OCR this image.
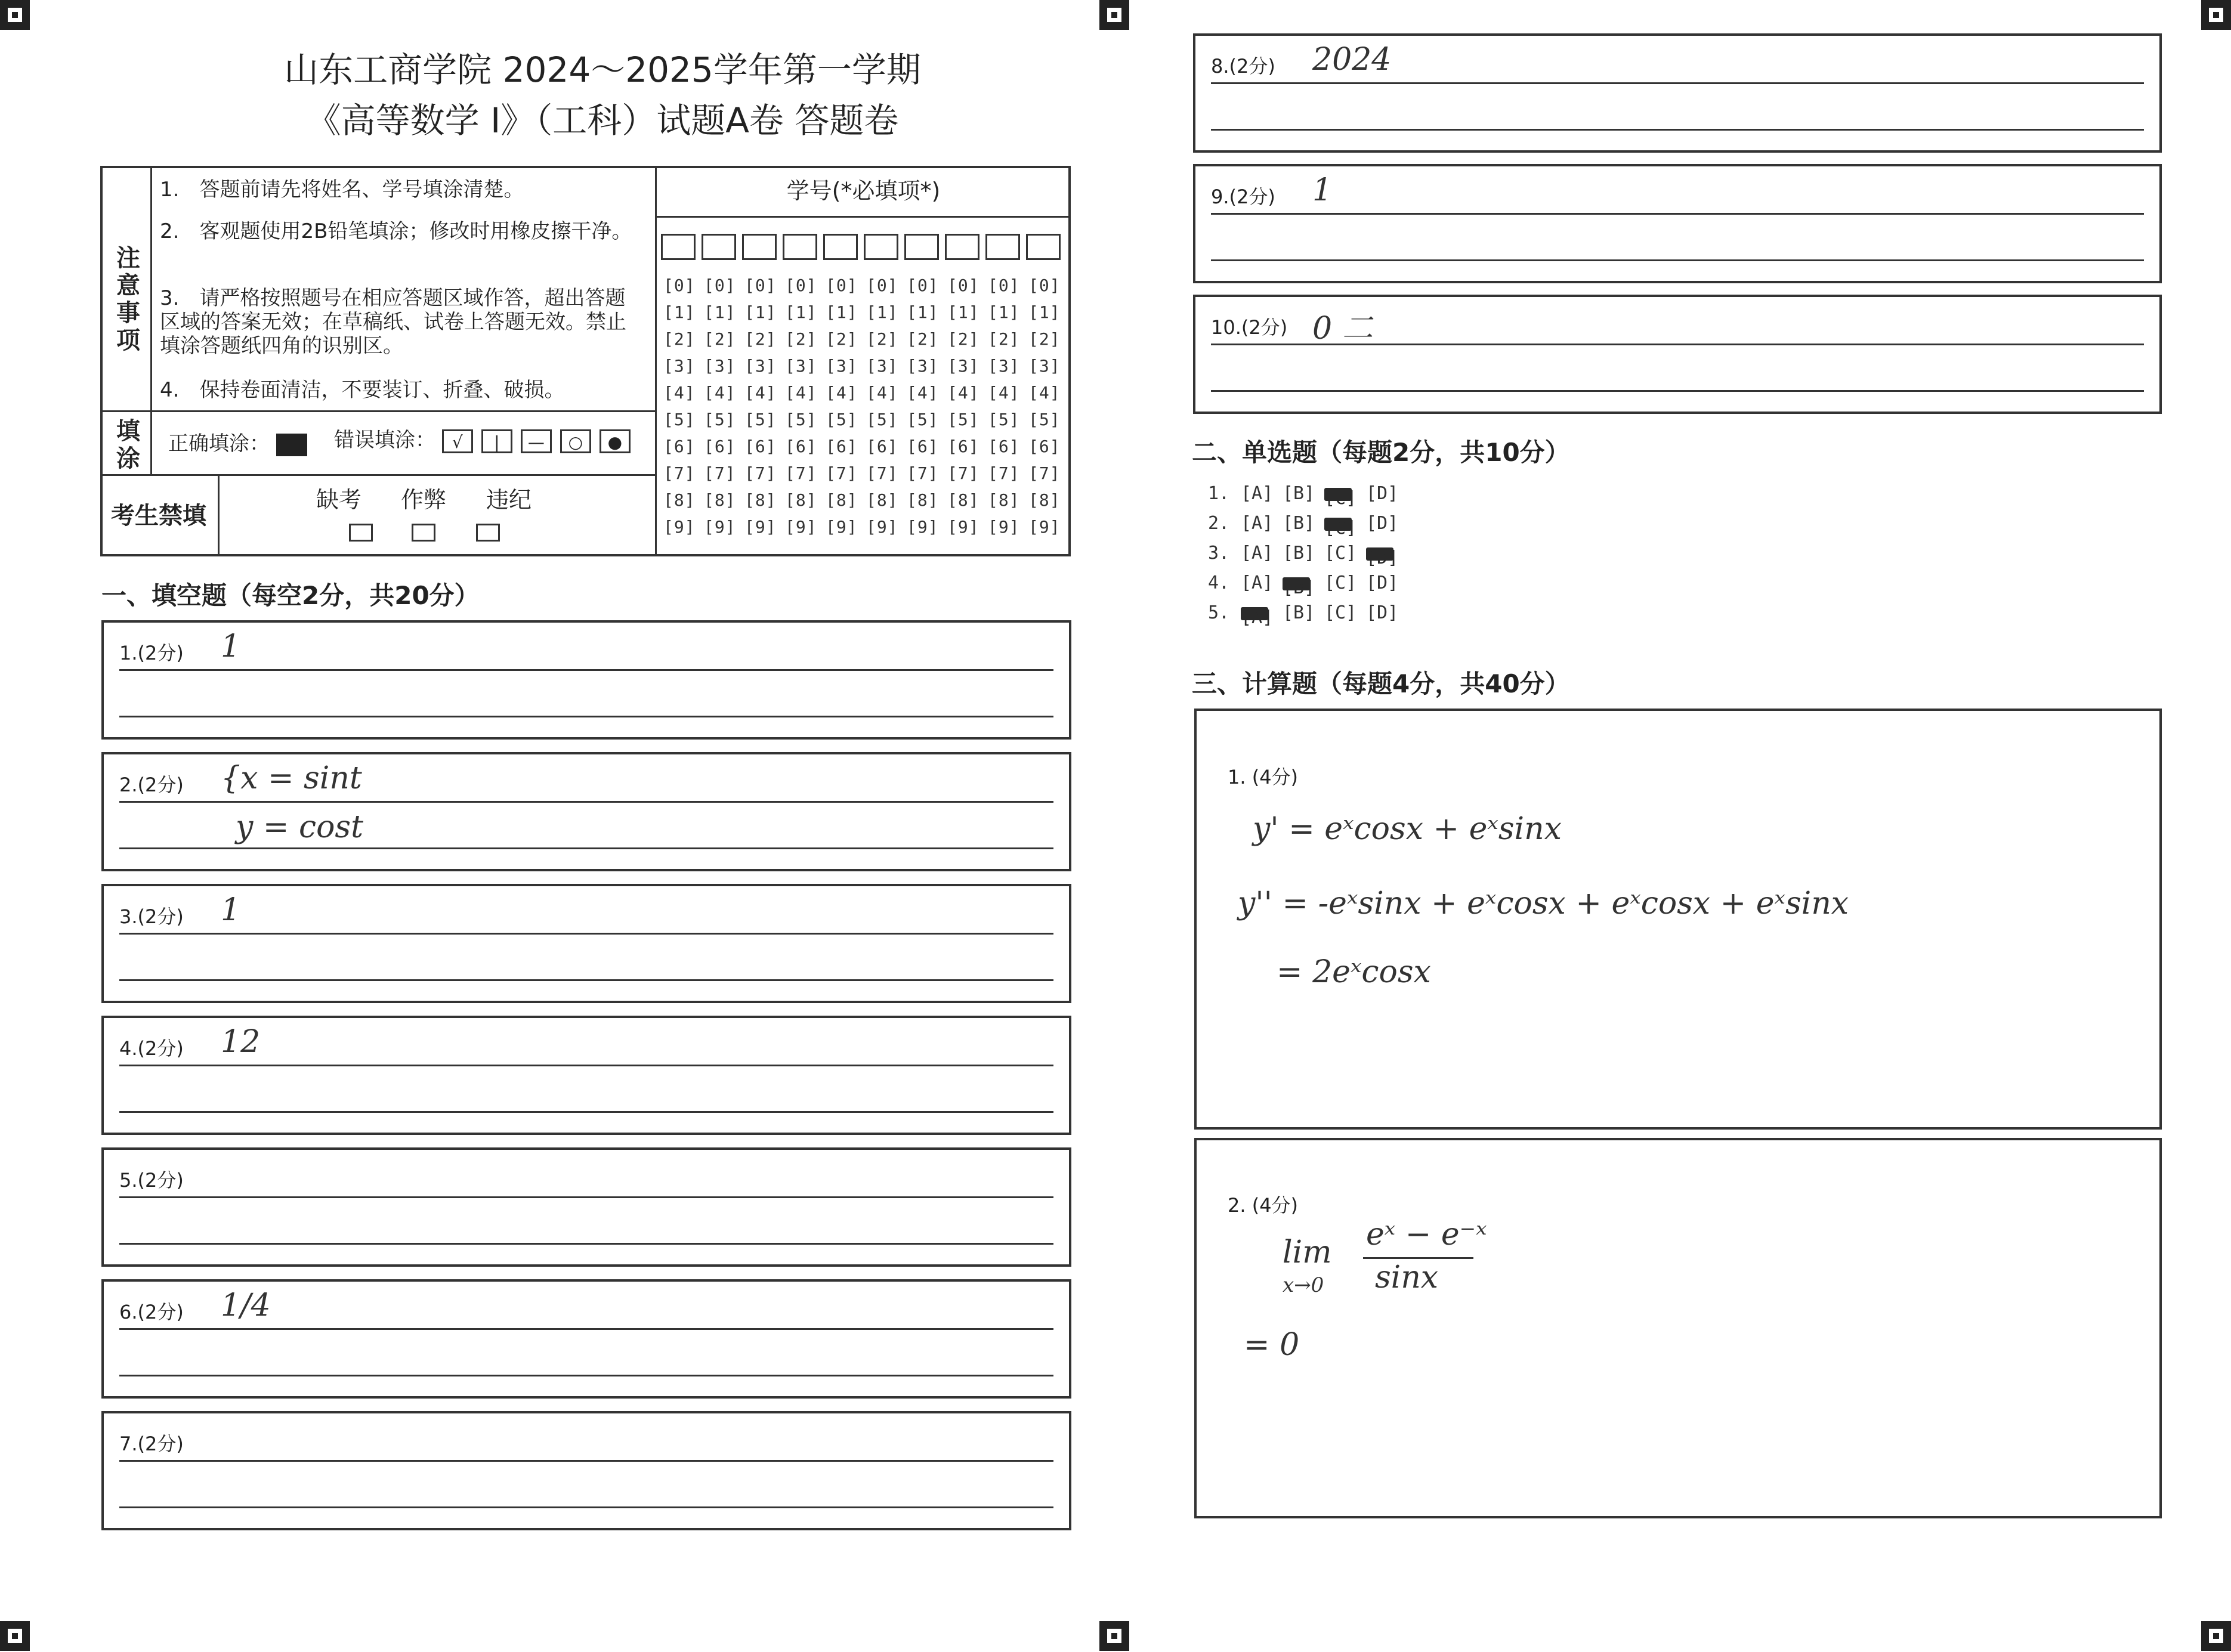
山东工商学院 2024～2025学年第一学期
《高等数学 I》（工科）试题A卷 答题卷
注意事项
1.　答题前请先将姓名、学号填涂清楚。
2.　客观题使用2B铅笔填涂；修改时用橡皮擦干净。
3.　请严格按照题号在相应答题区域作答，超出答题区域的答案无效；在草稿纸、试卷上答题无效。禁止填涂答题纸四角的识别区。
4.　保持卷面清洁，不要装订、折叠、破损。
填涂
正确填涂：	错误填涂： √ | — ○ ●
考生禁填
缺考 作弊 违纪
学号(*必填项*)
[0]
[1]
[2]
[3]
[4]
[5]
[6]
[7]
[8]
[9]
[0]
[1]
[2]
[3]
[4]
[5]
[6]
[7]
[8]
[9]
[0]
[1]
[2]
[3]
[4]
[5]
[6]
[7]
[8]
[9]
[0]
[1]
[2]
[3]
[4]
[5]
[6]
[7]
[8]
[9]
[0]
[1]
[2]
[3]
[4]
[5]
[6]
[7]
[8]
[9]
[0]
[1]
[2]
[3]
[4]
[5]
[6]
[7]
[8]
[9]
[0]
[1]
[2]
[3]
[4]
[5]
[6]
[7]
[8]
[9]
[0]
[1]
[2]
[3]
[4]
[5]
[6]
[7]
[8]
[9]
[0]
[1]
[2]
[3]
[4]
[5]
[6]
[7]
[8]
[9]
[0]
[1]
[2]
[3]
[4]
[5]
[6]
[7]
[8]
[9]
一、填空题（每空2分，共20分）
1.(2分) 1
2.(2分) {x = sint
y = cost
3.(2分) 1
4.(2分) 12
5.(2分)
6.(2分) 1/4
7.(2分)
8.(2分) 2024
9.(2分) 1
10.(2分) 0 二
二、单选题（每题2分，共10分）
1. [A] [B] [C] [D]
2. [A] [B] [C] [D]
3. [A] [B] [C] [D]
4. [A] [B] [C] [D]
5. [A] [B] [C] [D]
三、计算题（每题4分，共40分）
1. (4分)
y' = eˣcosx + eˣsinx
y'' = -eˣsinx + eˣcosx + eˣcosx + eˣsinx
= 2eˣcosx
2. (4分)
lim
x→0
eˣ − e⁻ˣ
sinx
= 0
